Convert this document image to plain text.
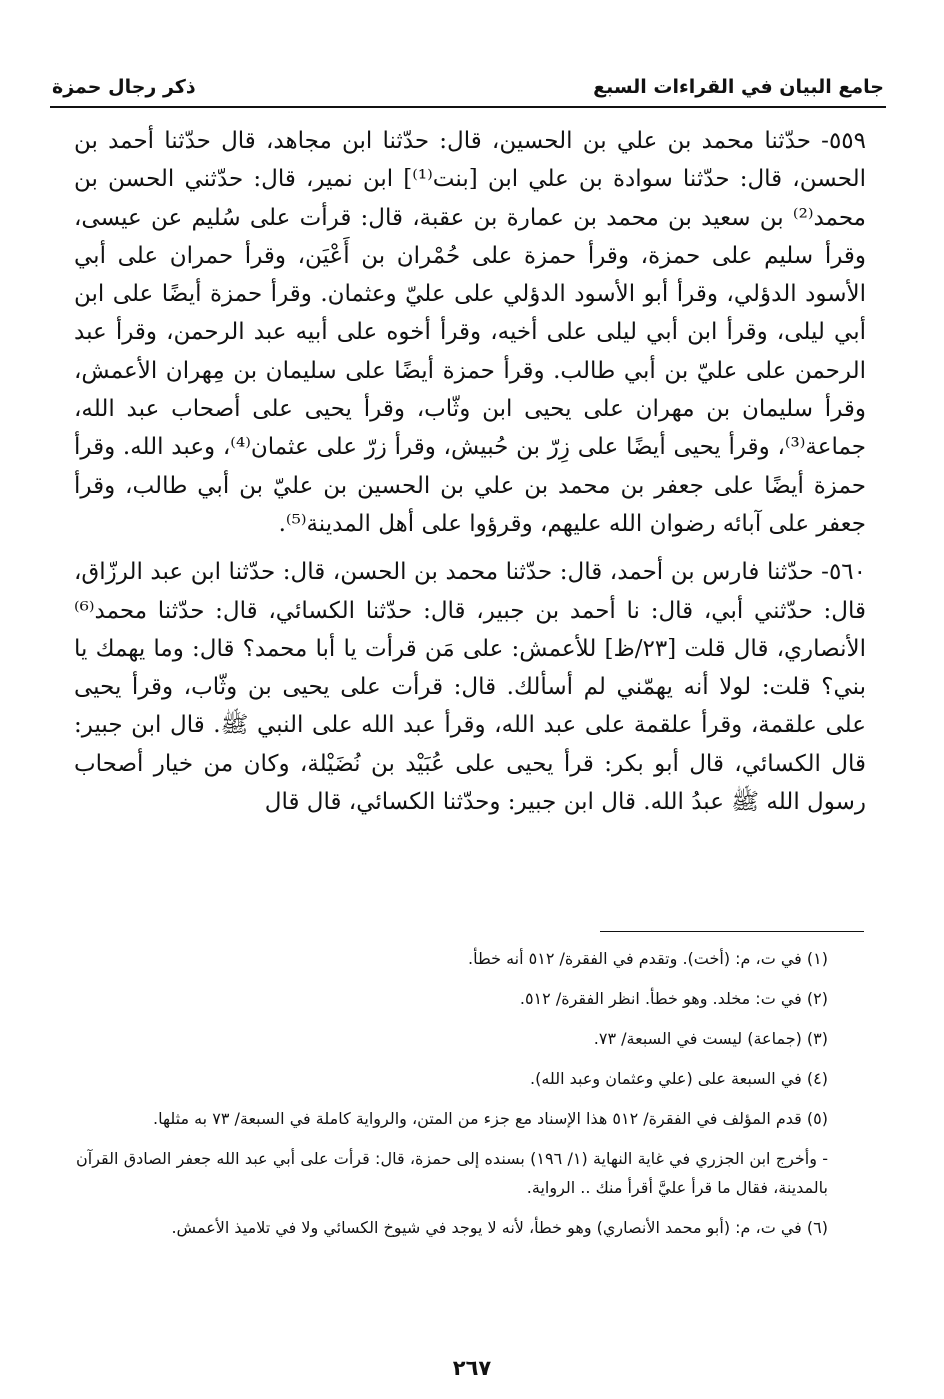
جامع البيان في القراءات السبع
ذكر رجال حمزة

٥٥٩- حدّثنا محمد بن علي بن الحسين، قال: حدّثنا ابن مجاهد، قال حدّثنا أحمد بن الحسن، قال: حدّثنا سوادة بن علي ابن [بنت⁽¹⁾] ابن نمير، قال: حدّثني الحسن بن محمد⁽²⁾ بن سعيد بن محمد بن عمارة بن عقبة، قال: قرأت على سُليم عن عيسى، وقرأ سليم على حمزة، وقرأ حمزة على حُمْران بن أَعْيَن، وقرأ حمران على أبي الأسود الدؤلي، وقرأ أبو الأسود الدؤلي على عليّ وعثمان. وقرأ حمزة أيضًا على ابن أبي ليلى، وقرأ ابن أبي ليلى على أخيه، وقرأ أخوه على أبيه عبد الرحمن، وقرأ عبد الرحمن على عليّ بن أبي طالب. وقرأ حمزة أيضًا على سليمان بن مِهران الأعمش، وقرأ سليمان بن مهران على يحيى ابن وثّاب، وقرأ يحيى على أصحاب عبد الله، جماعة⁽³⁾، وقرأ يحيى أيضًا على زِرّ بن حُبيش، وقرأ زرّ على عثمان⁽⁴⁾، وعبد الله. وقرأ حمزة أيضًا على جعفر بن محمد بن علي بن الحسين بن عليّ بن أبي طالب، وقرأ جعفر على آبائه رضوان الله عليهم، وقرؤوا على أهل المدينة⁽⁵⁾.

٥٦٠- حدّثنا فارس بن أحمد، قال: حدّثنا محمد بن الحسن، قال: حدّثنا ابن عبد الرزّاق، قال: حدّثني أبي، قال: نا أحمد بن جبير، قال: حدّثنا الكسائي، قال: حدّثنا محمد⁽⁶⁾ الأنصاري، قال قلت [٢٣/ظ] للأعمش: على مَن قرأت يا أبا محمد؟ قال: وما يهمك يا بني؟ قلت: لولا أنه يهمّني لم أسألك. قال: قرأت على يحيى بن وثّاب، وقرأ يحيى على علقمة، وقرأ علقمة على عبد الله، وقرأ عبد الله على النبي ﷺ. قال ابن جبير: قال الكسائي، قال أبو بكر: قرأ يحيى على عُبَيْد بن نُضَيْلة، وكان من خيار أصحاب رسول الله ﷺ عبدُ الله. قال ابن جبير: وحدّثنا الكسائي، قال قال

(١) في ت، م: (أخت). وتقدم في الفقرة/ ٥١٢ أنه خطأ.
(٢) في ت: مخلد. وهو خطأ. انظر الفقرة/ ٥١٢.
(٣) (جماعة) ليست في السبعة/ ٧٣.
(٤) في السبعة على (علي وعثمان وعبد الله).
(٥) قدم المؤلف في الفقرة/ ٥١٢ هذا الإسناد مع جزء من المتن، والرواية كاملة في السبعة/ ٧٣ به مثلها.
- وأخرج ابن الجزري في غاية النهاية (١/ ١٩٦) بسنده إلى حمزة، قال: قرأت على أبي عبد الله جعفر الصادق القرآن بالمدينة، فقال ما قرأ عليَّ أقرأ منك .. الرواية.
(٦) في ت، م: (أبو محمد الأنصاري) وهو خطأ، لأنه لا يوجد في شيوخ الكسائي ولا في تلاميذ الأعمش.
٢٦٧
